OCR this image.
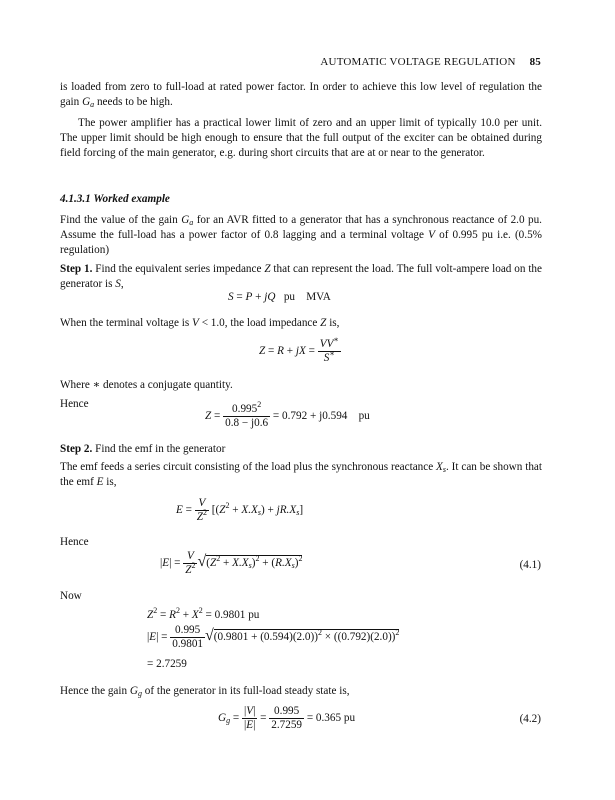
AUTOMATIC VOLTAGE REGULATION 85
is loaded from zero to full-load at rated power factor. In order to achieve this low level of regulation the gain $G_a$ needs to be high.
The power amplifier has a practical lower limit of zero and an upper limit of typically 10.0 per unit. The upper limit should be high enough to ensure that the full output of the exciter can be obtained during field forcing of the main generator, e.g. during short circuits that are at or near to the generator.
4.1.3.1 Worked example
Find the value of the gain $G_a$ for an AVR fitted to a generator that has a synchronous reactance of 2.0 pu. Assume the full-load has a power factor of 0.8 lagging and a terminal voltage V of 0.995 pu i.e. (0.5% regulation)
Step 1. Find the equivalent series impedance Z that can represent the load. The full volt-ampere load on the generator is S,
S = P + jQ pu    MVA
When the terminal voltage is V < 1.0, the load impedance Z is,
Z = R + jX = $\frac{VV^∗}{S^∗}$
Where ∗ denotes a conjugate quantity.
Hence
$Z = \frac{0.995^2}{0.8 - j0.6} = 0.792 + j0.594$    pu
Step 2. Find the emf in the generator
The emf feeds a series circuit consisting of the load plus the synchronous reactance $X_s$. It can be shown that the emf E is,
$E = \frac{V}{Z^2} [(Z^2 + X.X_s) + jR.X_s]$
Hence
$|E| = \frac{V}{Z^2} √(Z^2 + X.X_s)^2 + (R.X_s)^2$
(4.1)
Now
$Z^2 = R^2 + X^2 = 0.9801$ pu
$|E| = \frac{0.995}{0.9801} √(0.9801 + (0.594)(2.0))^2 \times ((0.792)(2.0))^2$
= 2.7259
Hence the gain $G_g$ of the generator in its full-load steady state is,
$G_g = \frac{|V|}{|E|} = \frac{0.995}{2.7259} = 0.365$ pu	(4.2)
